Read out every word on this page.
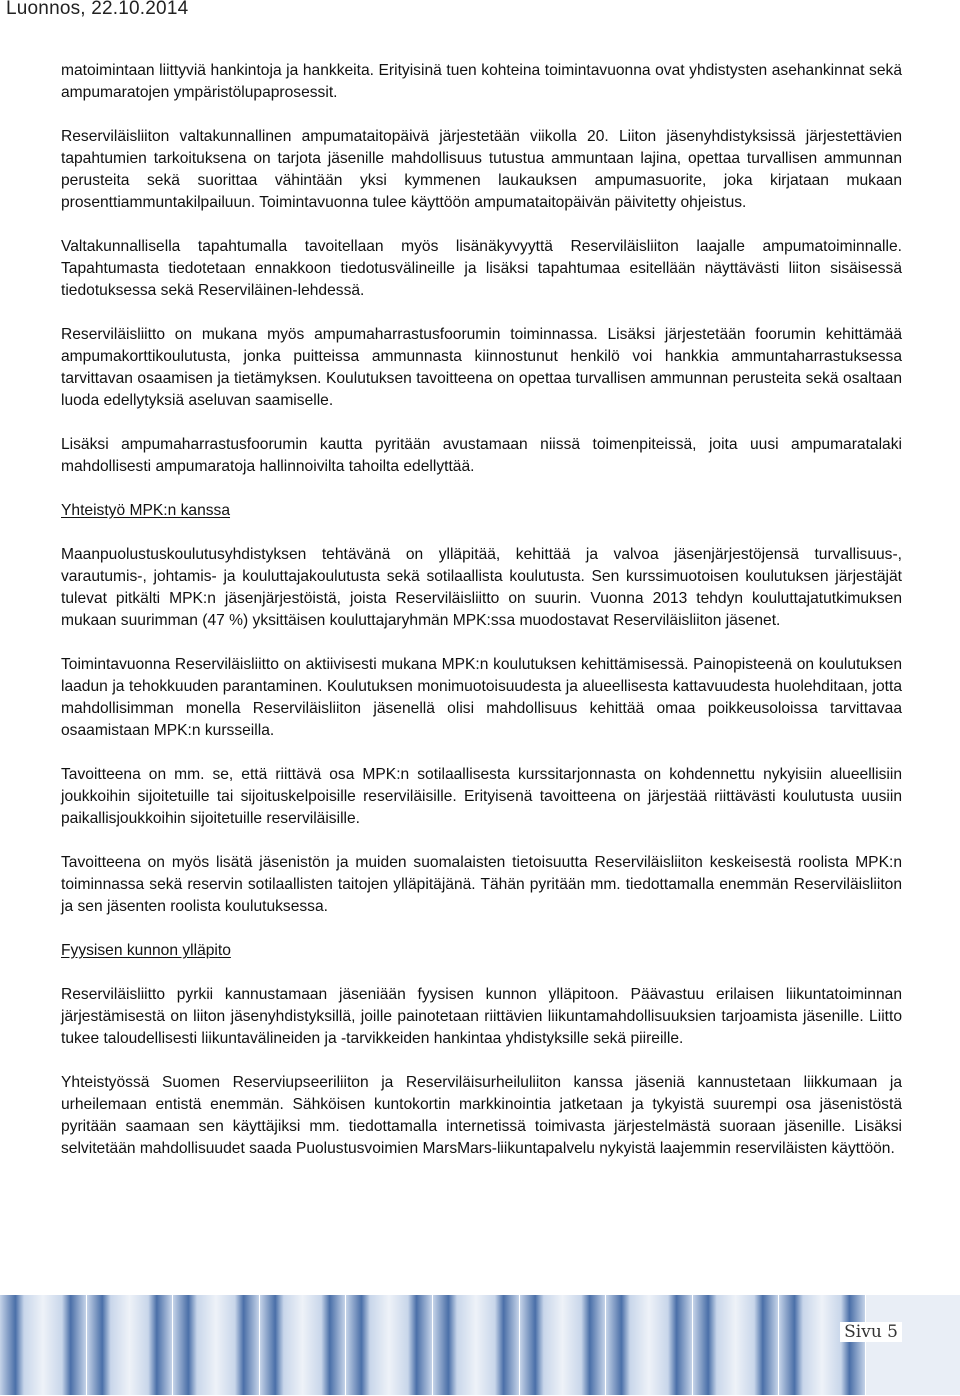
Luonnos, 22.10.2014

matoimintaan liittyviä hankintoja ja hankkeita. Erityisinä tuen kohteina toimintavuonna ovat yhdistysten asehankinnat sekä ampumaratojen ympäristölupaprosessit.

Reserviläisliiton valtakunnallinen ampumataitopäivä järjestetään viikolla 20. Liiton jäsenyhdistyksissä järjestettävien tapahtumien tarkoituksena on tarjota jäsenille mahdollisuus tutustua ammuntaan lajina, opettaa turvallisen ammunnan perusteita sekä suorittaa vähintään yksi kymmenen laukauksen ampumasuorite, joka kirjataan mukaan prosenttiammuntakilpailuun. Toimintavuonna tulee käyttöön ampumataitopäivän päivitetty ohjeistus.

Valtakunnallisella tapahtumalla tavoitellaan myös lisänäkyvyyttä Reserviläisliiton laajalle ampumatoiminnalle. Tapahtumasta tiedotetaan ennakkoon tiedotusvälineille ja lisäksi tapahtumaa esitellään näyttävästi liiton sisäisessä tiedotuksessa sekä Reserviläinen-lehdessä.

Reserviläisliitto on mukana myös ampumaharrastusfoorumin toiminnassa. Lisäksi järjestetään foorumin kehittämää ampumakorttikoulutusta, jonka puitteissa ammunnasta kiinnostunut henkilö voi hankkia ammuntaharrastuksessa tarvittavan osaamisen ja tietämyksen. Koulutuksen tavoitteena on opettaa turvallisen ammunnan perusteita sekä osaltaan luoda edellytyksiä aseluvan saamiselle.

Lisäksi ampumaharrastusfoorumin kautta pyritään avustamaan niissä toimenpiteissä, joita uusi ampumaratalaki mahdollisesti ampumaratoja hallinnoivilta tahoilta edellyttää.

Yhteistyö MPK:n kanssa

Maanpuolustuskoulutusyhdistyksen tehtävänä on ylläpitää, kehittää ja valvoa jäsenjärjestöjensä turvallisuus-, varautumis-, johtamis- ja kouluttajakoulutusta sekä sotilaallista koulutusta. Sen kurssimuotoisen koulutuksen järjestäjät tulevat pitkälti MPK:n jäsenjärjestöistä, joista Reserviläisliitto on suurin. Vuonna 2013 tehdyn kouluttajatutkimuksen mukaan suurimman (47 %) yksittäisen kouluttajaryhmän MPK:ssa muodostavat Reserviläisliiton jäsenet.

Toimintavuonna Reserviläisliitto on aktiivisesti mukana MPK:n koulutuksen kehittämisessä. Painopisteenä on koulutuksen laadun ja tehokkuuden parantaminen. Koulutuksen monimuotoisuudesta ja alueellisesta kattavuudesta huolehditaan, jotta mahdollisimman monella Reserviläisliiton jäsenellä olisi mahdollisuus kehittää omaa poikkeusoloissa tarvittavaa osaamistaan MPK:n kursseilla.

Tavoitteena on mm. se, että riittävä osa MPK:n sotilaallisesta kurssitarjonnasta on kohdennettu nykyisiin alueellisiin joukkoihin sijoitetuille tai sijoituskelpoisille reserviläisille. Erityisenä tavoitteena on järjestää riittävästi koulutusta uusiin paikallisjoukkoihin sijoitetuille reserviläisille.

Tavoitteena on myös lisätä jäsenistön ja muiden suomalaisten tietoisuutta Reserviläisliiton keskeisestä roolista MPK:n toiminnassa sekä reservin sotilaallisten taitojen ylläpitäjänä. Tähän pyritään mm. tiedottamalla enemmän Reserviläisliiton ja sen jäsenten roolista koulutuksessa.

Fyysisen kunnon ylläpito

Reserviläisliitto pyrkii kannustamaan jäseniään fyysisen kunnon ylläpitoon. Päävastuu erilaisen liikuntatoiminnan järjestämisestä on liiton jäsenyhdistyksillä, joille painotetaan riittävien liikuntamahdollisuuksien tarjoamista jäsenille. Liitto tukee taloudellisesti liikuntavälineiden ja -tarvikkeiden hankintaa yhdistyksille sekä piireille.

Yhteistyössä Suomen Reserviupseeriliiton ja Reserviläisurheiluliiton kanssa jäseniä kannustetaan liikkumaan ja urheilemaan entistä enemmän. Sähköisen kuntokortin markkinointia jatketaan ja tykyistä suurempi osa jäsenistöstä pyritään saamaan sen käyttäjiksi mm. tiedottamalla internetissä toimivasta järjestelmästä suoraan jäsenille. Lisäksi selvitetään mahdollisuudet saada Puolustusvoimien MarsMars-liikuntapalvelu nykyistä laajemmin reserviläisten käyttöön.

Sivu 5
